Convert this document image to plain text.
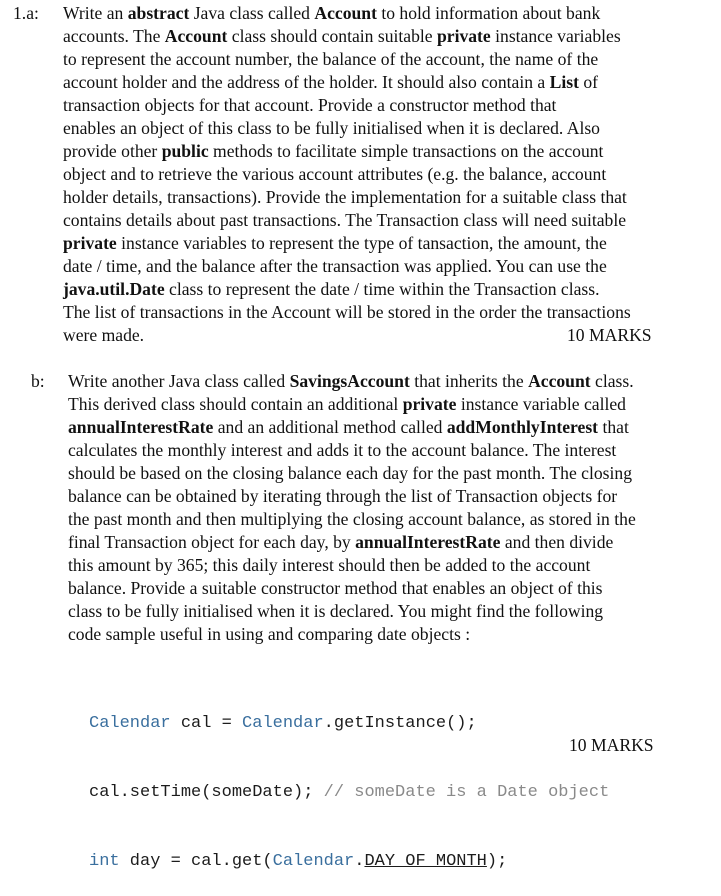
1.a: Write an abstract Java class called Account to hold information about bank
accounts. The Account class should contain suitable private instance variables
to represent the account number, the balance of the account, the name of the
account holder and the address of the holder. It should also contain a List of
transaction objects for that account. Provide a constructor method that
enables an object of this class to be fully initialised when it is declared. Also
provide other public methods to facilitate simple transactions on the account
object and to retrieve the various account attributes (e.g. the balance, account
holder details, transactions). Provide the implementation for a suitable class that
contains details about past transactions. The Transaction class will need suitable
private instance variables to represent the type of tansaction, the amount, the
date / time, and the balance after the transaction was applied. You can use the
java.util.Date class to represent the date / time within the Transaction class.
The list of transactions in the Account will be stored in the order the transactions
were made.	10 MARKS
b: Write another Java class called SavingsAccount that inherits the Account class.
This derived class should contain an additional private instance variable called
annualInterestRate and an additional method called addMonthlyInterest that
calculates the monthly interest and adds it to the account balance. The interest
should be based on the closing balance each day for the past month. The closing
balance can be obtained by iterating through the list of Transaction objects for
the past month and then multiplying the closing account balance, as stored in the
final Transaction object for each day, by annualInterestRate and then divide
this amount by 365; this daily interest should then be added to the account
balance. Provide a suitable constructor method that enables an object of this
class to be fully initialised when it is declared. You might find the following
code sample useful in using and comparing date objects :

Calendar cal = Calendar.getInstance();

cal.setTime(someDate); // someDate is a Date object

int day = cal.get(Calendar.DAY_OF_MONTH);

10 MARKS
